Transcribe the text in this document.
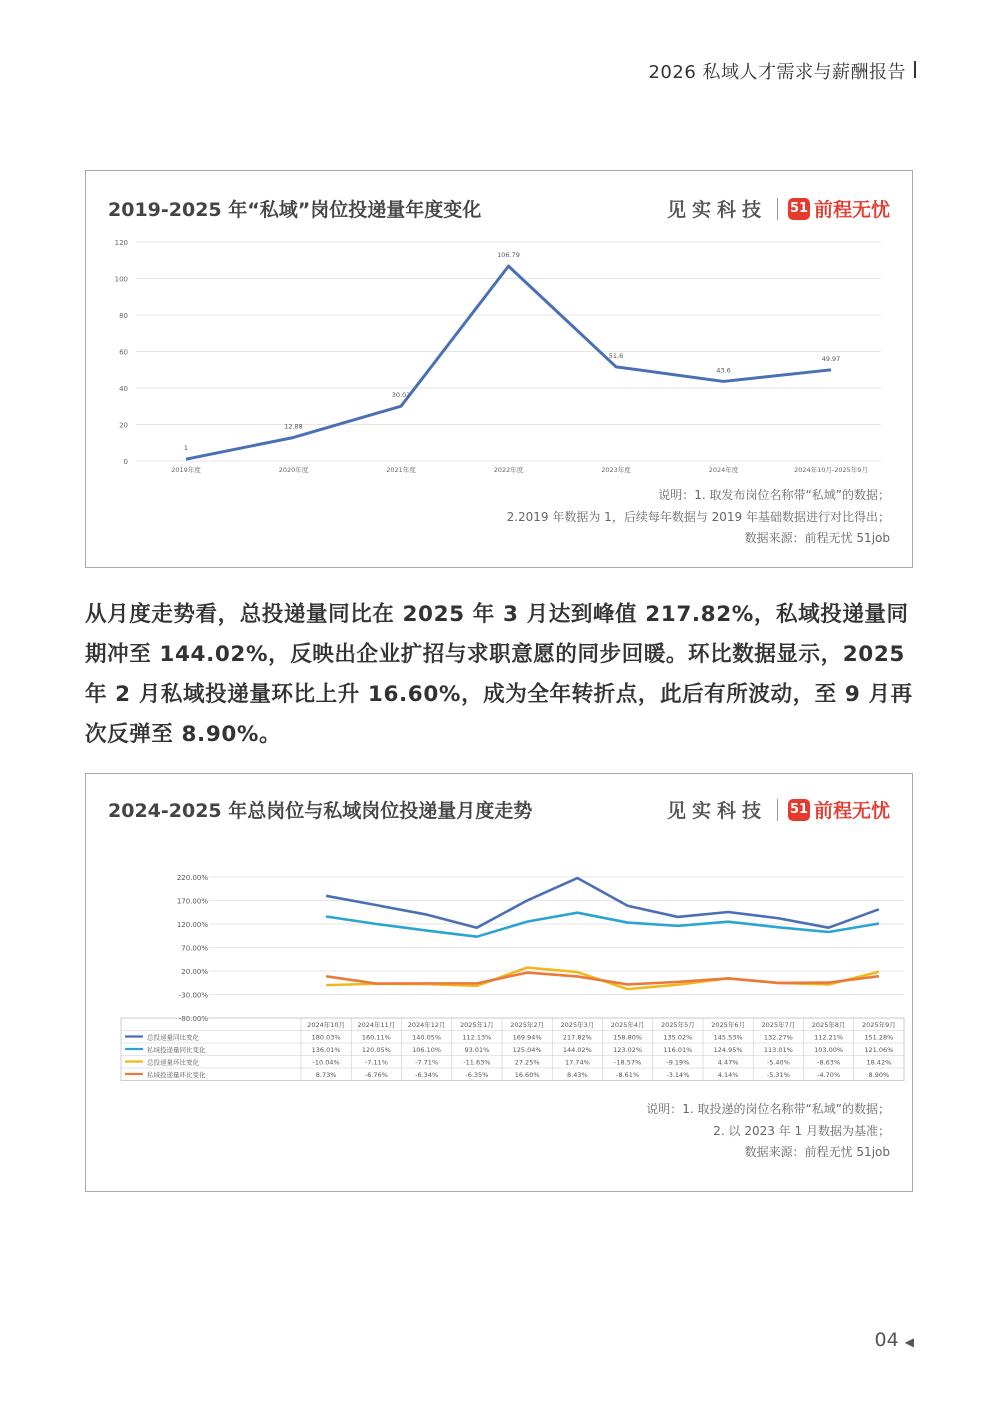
2026 私域人才需求与薪酬报告
2019-2025 年“私域”岗位投递量年度变化	见实科技 51 前程无忧
0
20
40
60
80
100
120
2019年度	2020年度	2021年度	2022年度	2023年度	2024年度	2024年10月-2025年9月
1
12.88
30.02
106.79
51.6
43.6
49.97
说明：1. 取发布岗位名称带“私域”的数据；
2.2019 年数据为 1，后续每年数据与 2019 年基础数据进行对比得出；
数据来源：前程无忧 51job
从月度走势看，总投递量同比在 2025 年 3 月达到峰值 217.82%，私域投递量同期冲至 144.02%，反映出企业扩招与求职意愿的同步回暖。环比数据显示，2025 年 2 月私域投递量环比上升 16.60%，成为全年转折点，此后有所波动，至 9 月再次反弹至 8.90%。
2024-2025 年总岗位与私域岗位投递量月度走势	见实科技 51 前程无忧
-80.00%
-30.00%
20.00%
70.00%
120.00%
170.00%
220.00%
2024年10月 2024年11月 2024年12月 2025年1月	2025年2月	2025年3月	2025年4月	2025年5月	2025年6月	2025年7月	2025年8月	2025年9月
总投递量同比变化	180.03%	160.11%	140.05%	112.13%	169.94%	217.82%	158.80%	135.02%	145.53%	132.27%	112.21%	151.28%
私域投递量同比变化	136.01%	120.05%	106.10%	93.01%	125.04%	144.02%	123.02%	116.01%	124.95%	113.01%	103.00%	121.06%
总投递量环比变化	-10.04%	-7.11%	-7.71%	-11.63%	27.25%	17.74%	-18.57%	-9.19%	4.47%	-5.40%	-8.63%	18.42%
私域投递量环比变化	8.73%	-6.76%	-6.34%	-6.35%	16.60%	8.43%	-8.61%	-3.14%	4.14%	-5.31%	-4.70%	8.90%
说明：1. 取投递的岗位名称带“私域”的数据；
2. 以 2023 年 1 月数据为基准；
数据来源：前程无忧 51job
04 ◀
